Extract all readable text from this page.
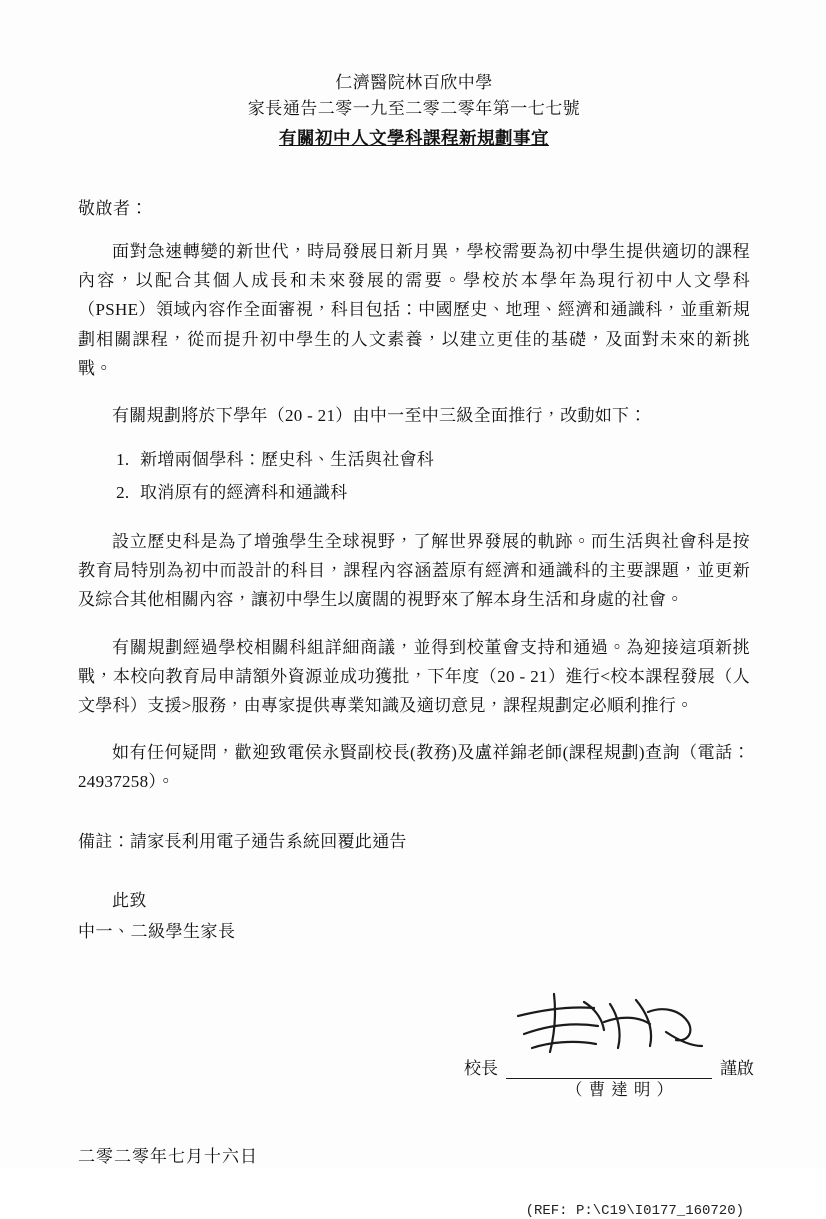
仁濟醫院林百欣中學
家長通告二零一九至二零二零年第一七七號
有關初中人文學科課程新規劃事宜
敬啟者：

面對急速轉變的新世代，時局發展日新月異，學校需要為初中學生提供適切的課程內容，以配合其個人成長和未來發展的需要。學校於本學年為現行初中人文學科（PSHE）領域內容作全面審視，科目包括：中國歷史、地理、經濟和通識科，並重新規劃相關課程，從而提升初中學生的人文素養，以建立更佳的基礎，及面對未來的新挑戰。

有關規劃將於下學年（20 - 21）由中一至中三級全面推行，改動如下：

1. 新增兩個學科：歷史科、生活與社會科
2. 取消原有的經濟科和通識科

設立歷史科是為了增強學生全球視野，了解世界發展的軌跡。而生活與社會科是按教育局特別為初中而設計的科目，課程內容涵蓋原有經濟和通識科的主要課題，並更新及綜合其他相關內容，讓初中學生以廣闊的視野來了解本身生活和身處的社會。

有關規劃經過學校相關科組詳細商議，並得到校董會支持和通過。為迎接這項新挑戰，本校向教育局申請額外資源並成功獲批，下年度（20 - 21）進行<校本課程發展（人文學科）支援>服務，由專家提供專業知識及適切意見，課程規劃定必順利推行。

如有任何疑問，歡迎致電侯永賢副校長(教務)及盧祥錦老師(課程規劃)查詢（電話：24937258）。

備註：請家長利用電子通告系統回覆此通告
此致
中一、二級學生家長
校長	謹啟
（ 曹 達 明 ）
二零二零年七月十六日
(REF: P:\C19\I0177_160720)
